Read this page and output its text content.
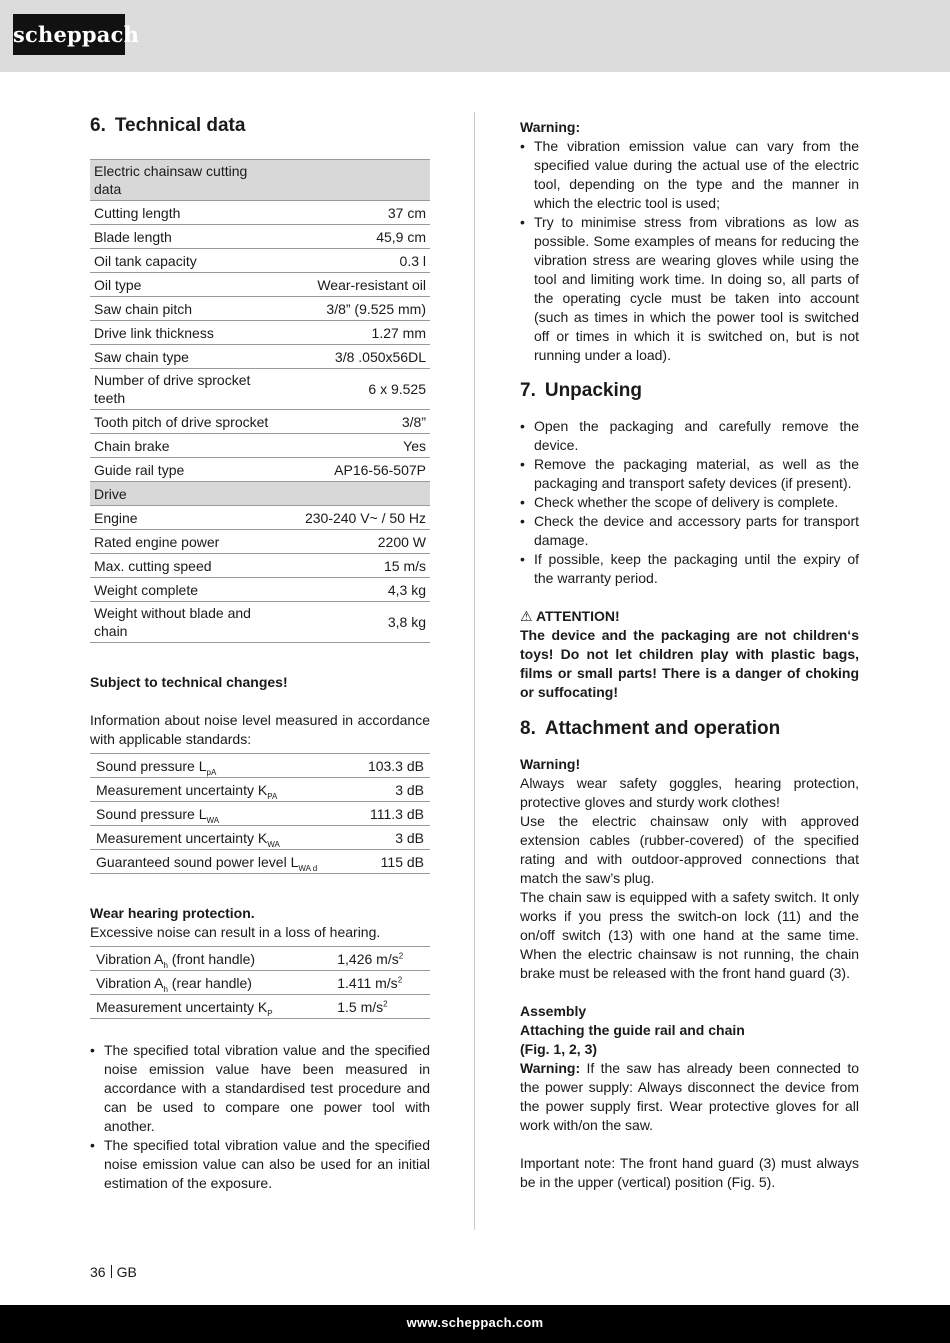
scheppach
6. Technical data
Electric chainsaw cutting data	
Cutting length	37 cm
Blade length	45,9 cm
Oil tank capacity	0.3 l
Oil type	Wear-resistant oil
Saw chain pitch	3/8” (9.525 mm)
Drive link thickness	1.27 mm
Saw chain type	3/8 .050x56DL
Number of drive sprocket teeth	6 x 9.525
Tooth pitch of drive sprocket	3/8”
Chain brake	Yes
Guide rail type	AP16-56-507P
Drive	
Engine	230-240 V~ / 50 Hz
Rated engine power	2200 W
Max. cutting speed	15 m/s
Weight complete	4,3 kg
Weight without blade and chain	3,8 kg

Subject to technical changes!

Information about noise level measured in accordance with applicable standards:

Sound pressure $L_{pA}$	103.3 dB
Measurement uncertainty $K_{PA}$	3 dB
Sound pressure $L_{WA}$	111.3 dB
Measurement uncertainty $K_{WA}$	3 dB
Guaranteed sound power level $L_{WA d}$	115 dB

Wear hearing protection.

Excessive noise can result in a loss of hearing.

Vibration $A_h$ (front handle)	1,426 $m/s^2$
Vibration $A_h$ (rear handle)	1.411 $m/s^2$
Measurement uncertainty $K_P$	1.5 $m/s^2$
• The specified total vibration value and the specified noise emission value have been measured in accordance with a standardised test procedure and can be used to compare one power tool with another.
• The specified total vibration value and the specified noise emission value can also be used for an initial estimation of the exposure.

Warning:

• The vibration emission value can vary from the specified value during the actual use of the electric tool, depending on the type and the manner in which the electric tool is used;
• Try to minimise stress from vibrations as low as possible. Some examples of means for reducing the vibration stress are wearing gloves while using the tool and limiting work time. In doing so, all parts of the operating cycle must be taken into account (such as times in which the power tool is switched off or times in which it is switched on, but is not running under a load).
7. Unpacking
• Open the packaging and carefully remove the device.
• Remove the packaging material, as well as the packaging and transport safety devices (if present).
• Check whether the scope of delivery is complete.
• Check the device and accessory parts for transport damage.
• If possible, keep the packaging until the expiry of the warranty period.

⚠ ATTENTION!

The device and the packaging are not children‘s toys! Do not let children play with plastic bags, films or small parts! There is a danger of choking or suffocating!

8. Attachment and operation

Warning!

Always wear safety goggles, hearing protection, protective gloves and sturdy work clothes!

Use the electric chainsaw only with approved extension cables (rubber-covered) of the specified rating and with outdoor-approved connections that match the saw’s plug.

The chain saw is equipped with a safety switch. It only works if you press the switch-on lock (11) and the on/off switch (13) with one hand at the same time. When the electric chainsaw is not running, the chain brake must be released with the front hand guard (3).

Assembly

Attaching the guide rail and chain

(Fig. 1, 2, 3)

Warning: If the saw has already been connected to the power supply: Always disconnect the device from the power supply first. Wear protective gloves for all work with/on the saw.

Important note: The front hand guard (3) must always be in the upper (vertical) position (Fig. 5).

36 GB
www.scheppach.com
